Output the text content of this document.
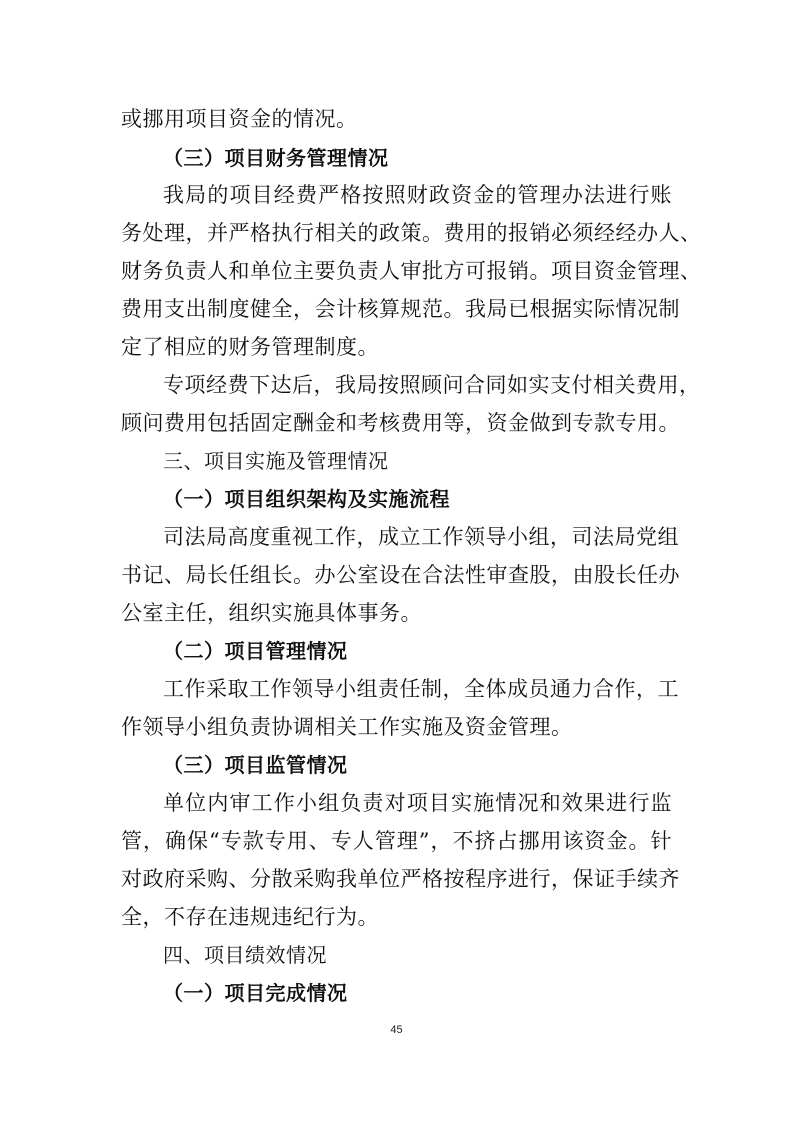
或挪用项目资金的情况。
（三）项目财务管理情况
我局的项目经费严格按照财政资金的管理办法进行账
务处理，并严格执行相关的政策。费用的报销必须经经办人、
财务负责人和单位主要负责人审批方可报销。项目资金管理、
费用支出制度健全，会计核算规范。我局已根据实际情况制
定了相应的财务管理制度。
专项经费下达后，我局按照顾问合同如实支付相关费用，
顾问费用包括固定酬金和考核费用等，资金做到专款专用。
三、项目实施及管理情况
（一）项目组织架构及实施流程
司法局高度重视工作，成立工作领导小组，司法局党组
书记、局长任组长。办公室设在合法性审查股，由股长任办
公室主任，组织实施具体事务。
（二）项目管理情况
工作采取工作领导小组责任制，全体成员通力合作，工
作领导小组负责协调相关工作实施及资金管理。
（三）项目监管情况
单位内审工作小组负责对项目实施情况和效果进行监
管，确保“专款专用、专人管理”，不挤占挪用该资金。针
对政府采购、分散采购我单位严格按程序进行，保证手续齐
全，不存在违规违纪行为。
四、项目绩效情况
（一）项目完成情况
45
